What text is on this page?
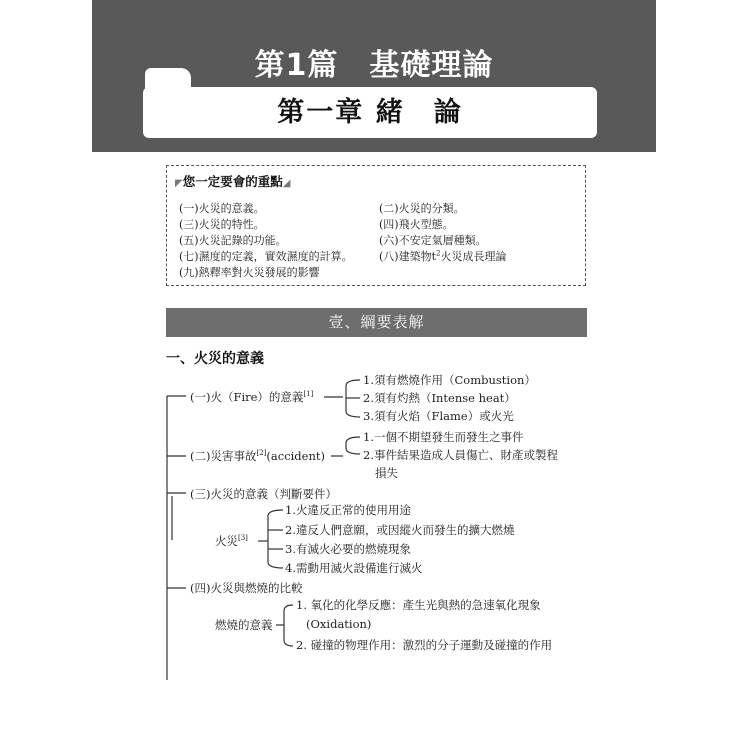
第1篇　基礎理論
第一章 緒　論
◤您一定要會的重點◢
(一)火災的意義。	(二)火災的分類。
(三)火災的特性。	(四)飛火型態。
(五)火災記錄的功能。	(六)不安定氣層種類。
(七)濕度的定義，實效濕度的計算。 (八)建築物$t^2$火災成長理論
(九)熱釋率對火災發展的影響
壹、綱要表解
一、火災的意義
(一)火（Fire）的意義[1]
1.須有燃燒作用（Combustion）
2.須有灼熱（Intense heat）
3.須有火焰（Flame）或火光
(二)災害事故[2](accident)
1.一個不期望發生而發生之事件
2.事件結果造成人員傷亡、財產或製程
損失
(三)火災的意義（判斷要件）
火災[3]
1.火違反正常的使用用途
2.違反人們意願，或因縱火而發生的擴大燃燒
3.有滅火必要的燃燒現象
4.需動用滅火設備進行滅火
(四)火災與燃燒的比較
燃燒的意義
1. 氧化的化學反應：產生光與熱的急速氧化現象
(Oxidation)
2. 碰撞的物理作用：激烈的分子運動及碰撞的作用
